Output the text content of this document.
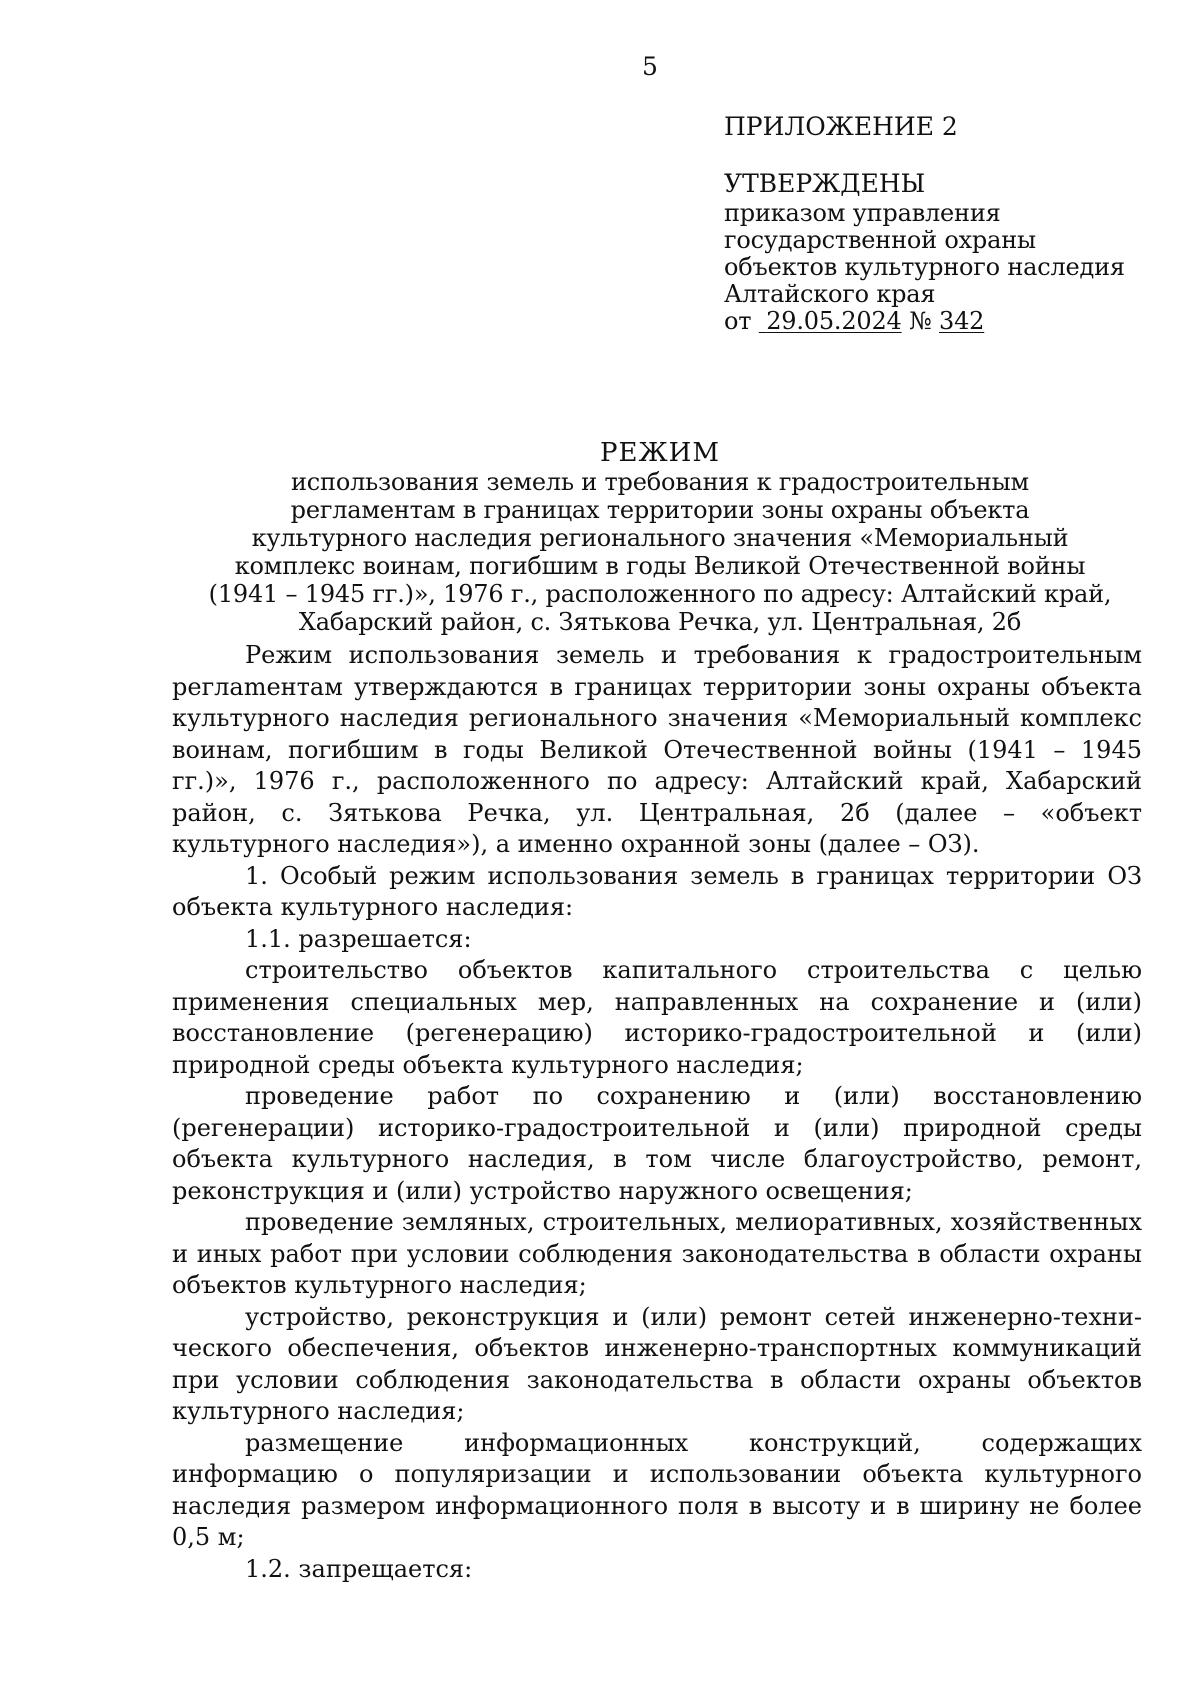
5
ПРИЛОЖЕНИЕ 2
УТВЕРЖДЕНЫ
приказом управления
государственной охраны
объектов культурного наследия
Алтайского края
от 29.05.2024 № 342
РЕЖИМ
использования земель и требования к градостроительным
регламентам в границах территории зоны охраны объекта
культурного наследия регионального значения «Мемориальный
комплекс воинам, погибшим в годы Великой Отечественной войны
(1941 – 1945 гг.)», 1976 г., расположенного по адресу: Алтайский край,
Хабарский район, с. Зятькова Речка, ул. Центральная, 2б

Режим использования земель и требования к градостроительным реглаmентам утверждаются в границах территории зоны охраны объекта культурного наследия регионального значения «Мемориальный комплекс воинам, погибшим в годы Великой Отечественной войны (1941 – 1945 гг.)», 1976 г., расположенного по адресу: Алтайский край, Хабарский район, с. Зятькова Речка, ул. Центральная, 2б (далее – «объект культурного наследия»), а именно охранной зоны (далее – ОЗ).

1. Особый режим использования земель в границах территории ОЗ объекта культурного наследия:

1.1. разрешается:

строительство объектов капитального строительства с целью применения специальных мер, направленных на сохранение и (или) восстановление (регенерацию) историко-градостроительной и (или) природной среды объекта культурного наследия;

проведение работ по сохранению и (или) восстановлению (регенерации) историко-градостроительной и (или) природной среды объекта культурного наследия, в том числе благоустройство, ремонт, реконструкция и (или) устройство наружного освещения;

проведение земляных, строительных, мелиоративных, хозяйственных и иных работ при условии соблюдения законодательства в области охраны объектов культурного наследия;

устройство, реконструкция и (или) ремонт сетей инженерно-технического обеспечения, объектов инженерно-транспортных коммуникаций при условии соблюдения законодательства в области охраны объектов культурного наследия;

размещение информационных конструкций, содержащих информацию о популяризации и использовании объекта культурного наследия размером информационного поля в высоту и в ширину не более 0,5 м;

1.2. запрещается:
